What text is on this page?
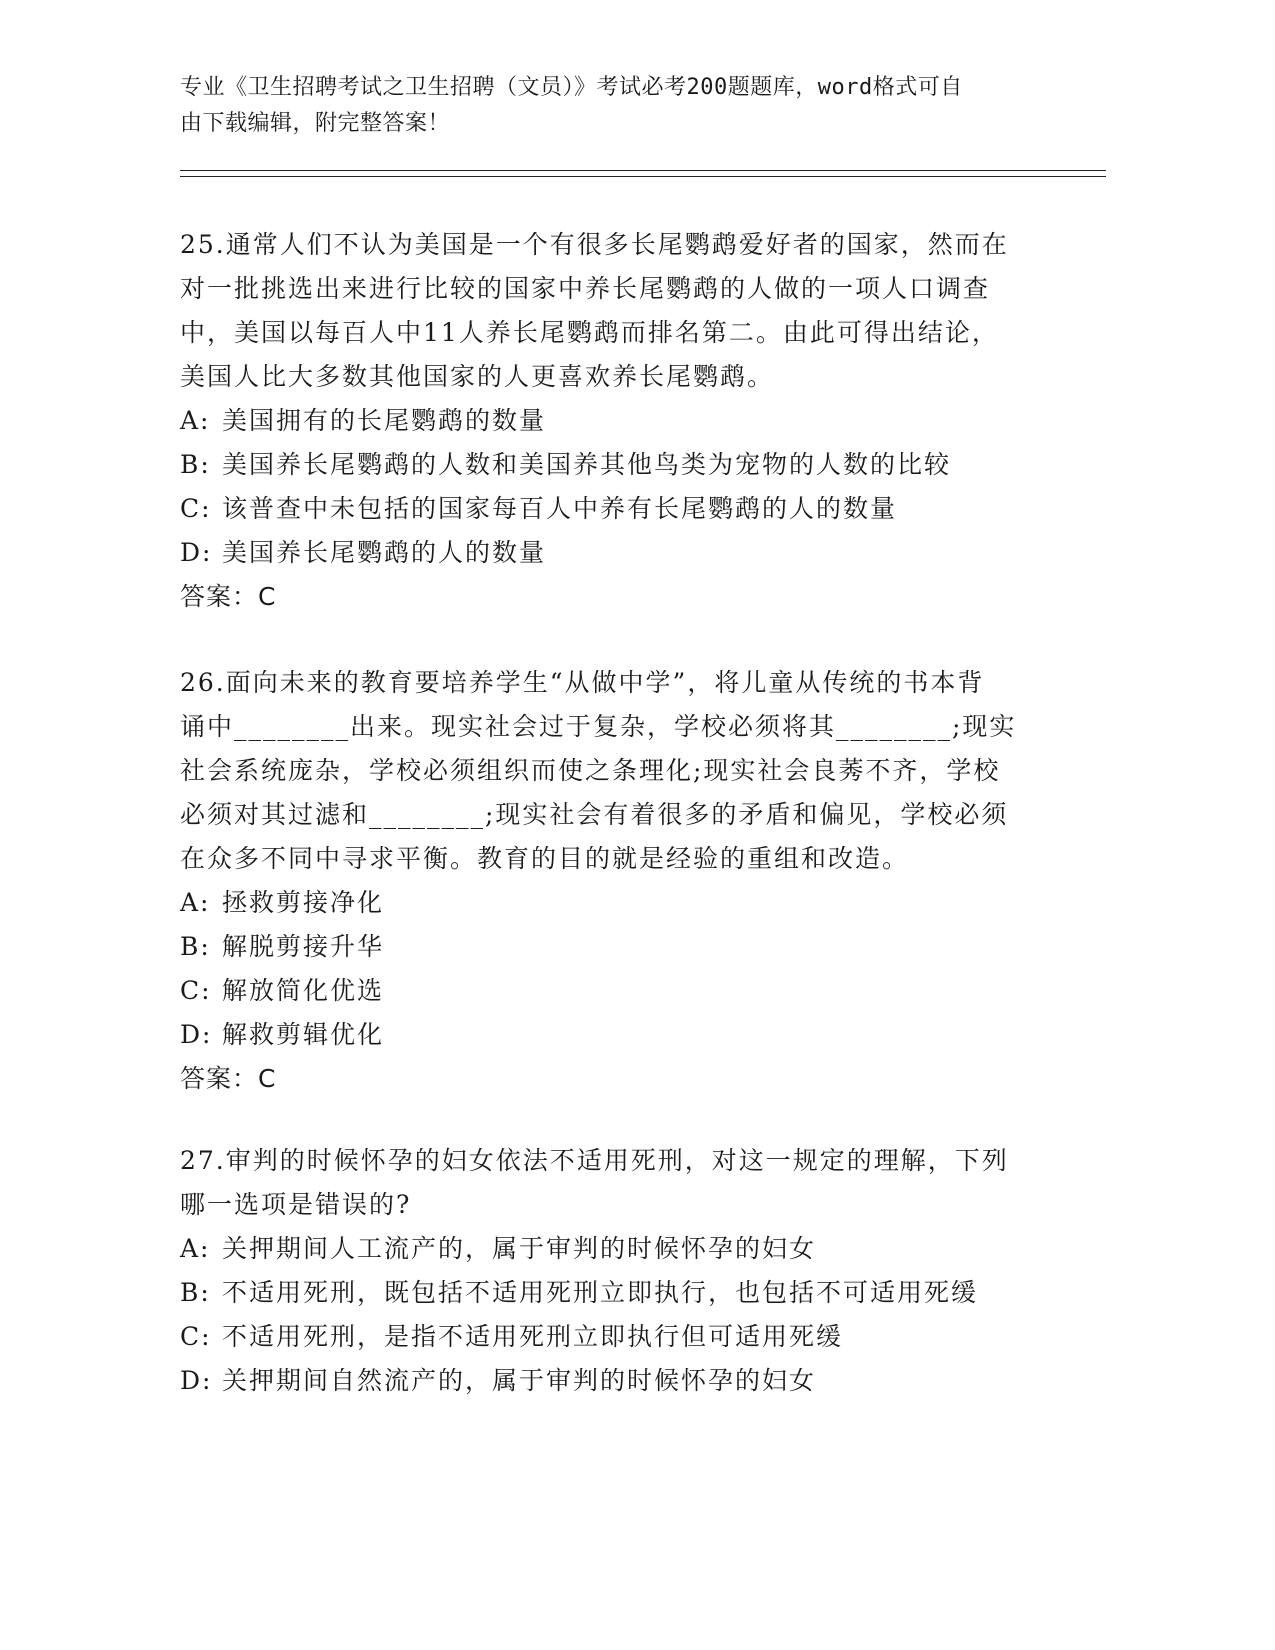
专业《卫生招聘考试之卫生招聘（文员）》考试必考200题题库，word格式可自
由下载编辑，附完整答案！
25.通常人们不认为美国是一个有很多长尾鹦鹉爱好者的国家，然而在
对一批挑选出来进行比较的国家中养长尾鹦鹉的人做的一项人口调查
中，美国以每百人中11人养长尾鹦鹉而排名第二。由此可得出结论，
美国人比大多数其他国家的人更喜欢养长尾鹦鹉。
A: 美国拥有的长尾鹦鹉的数量
B: 美国养长尾鹦鹉的人数和美国养其他鸟类为宠物的人数的比较
C: 该普查中未包括的国家每百人中养有长尾鹦鹉的人的数量
D: 美国养长尾鹦鹉的人的数量
答案：C
26.面向未来的教育要培养学生“从做中学”，将儿童从传统的书本背
诵中________出来。现实社会过于复杂，学校必须将其________;现实
社会系统庞杂，学校必须组织而使之条理化;现实社会良莠不齐，学校
必须对其过滤和________;现实社会有着很多的矛盾和偏见，学校必须
在众多不同中寻求平衡。教育的目的就是经验的重组和改造。
A: 拯救剪接净化
B: 解脱剪接升华
C: 解放简化优选
D: 解救剪辑优化
答案：C
27.审判的时候怀孕的妇女依法不适用死刑，对这一规定的理解，下列
哪一选项是错误的?
A: 关押期间人工流产的，属于审判的时候怀孕的妇女
B: 不适用死刑，既包括不适用死刑立即执行，也包括不可适用死缓
C: 不适用死刑，是指不适用死刑立即执行但可适用死缓
D: 关押期间自然流产的，属于审判的时候怀孕的妇女
